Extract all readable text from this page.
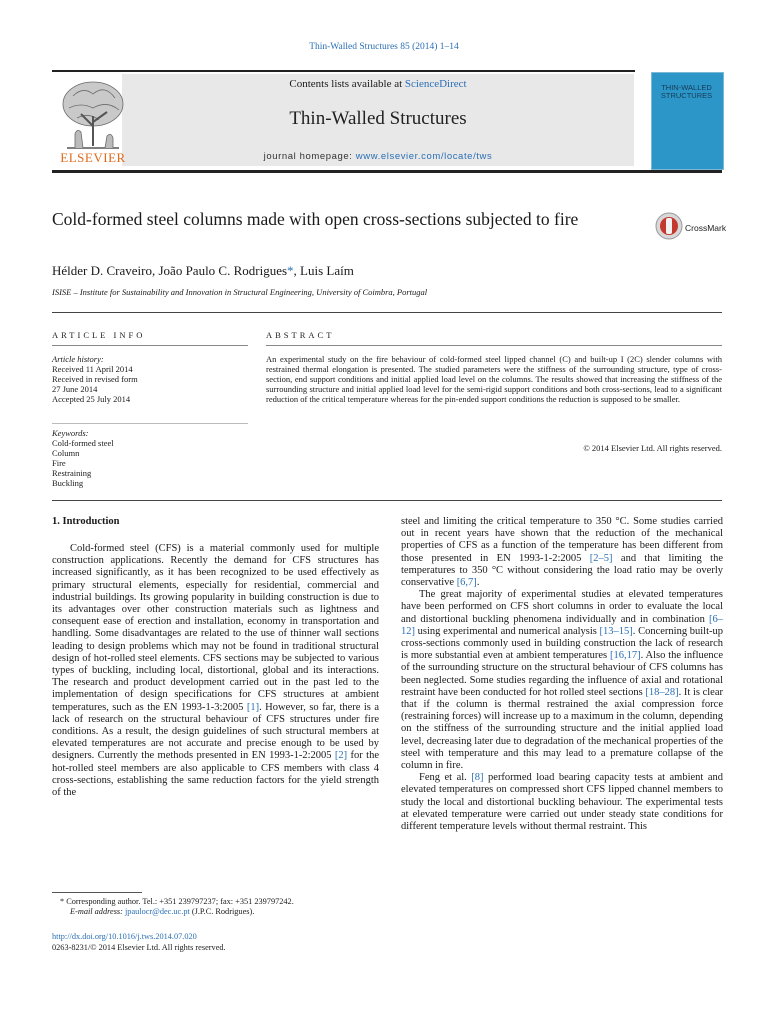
Thin-Walled Structures 85 (2014) 1–14
Contents lists available at ScienceDirect
Thin-Walled Structures
journal homepage: www.elsevier.com/locate/tws
ELSEVIER
THIN-WALLED STRUCTURES
Cold-formed steel columns made with open cross-sections subjected to fire	CrossMark
Hélder D. Craveiro, João Paulo C. Rodrigues*, Luis Laím
ISISE – Institute for Sustainability and Innovation in Structural Engineering, University of Coimbra, Portugal
ARTICLE INFO	ABSTRACT
Article history:
Received 11 April 2014
Received in revised form
27 June 2014
Accepted 25 July 2014
Keywords:
Cold-formed steel
Column
Fire
Restraining
Buckling
An experimental study on the fire behaviour of cold-formed steel lipped channel (C) and built-up I (2C) slender columns with restrained thermal elongation is presented. The studied parameters were the stiffness of the surrounding structure, type of cross-section, end support conditions and initial applied load level on the columns. The results showed that increasing the stiffness of the surrounding structure and initial applied load level for the semi-rigid support conditions and both cross-sections, lead to a significant reduction of the critical temperature whereas for the pin-ended support conditions the reduction is supposed to be smaller.
© 2014 Elsevier Ltd. All rights reserved.
1. Introduction

Cold-formed steel (CFS) is a material commonly used for multiple construction applications. Recently the demand for CFS structures has increased significantly, as it has been recognized to be used effectively as primary structural elements, especially for residential, commercial and industrial buildings. Its growing popularity in building construction is due to its advantages over other construction materials such as lightness and consequent ease of erection and installation, economy in transportation and handling. Some disadvantages are related to the use of thinner wall sections leading to design problems which may not be found in traditional structural design of hot-rolled steel elements. CFS sections may be subjected to various types of buckling, including local, distortional, global and its interactions. The research and product development carried out in the past led to the implementation of design specifications for CFS structures at ambient temperatures, such as the EN 1993-1-3:2005 [1]. However, so far, there is a lack of research on the structural behaviour of CFS structures under fire conditions. As a result, the design guidelines of such structural members at elevated temperatures are not accurate and precise enough to be used by designers. Currently the methods presented in EN 1993-1-2:2005 [2] for the hot-rolled steel members are also applicable to CFS members with class 4 cross-sections, establishing the same reduction factors for the yield strength of the

steel and limiting the critical temperature to 350 °C. Some studies carried out in recent years have shown that the reduction of the mechanical properties of CFS as a function of the temperature has been different from those presented in EN 1993-1-2:2005 [2–5] and that limiting the temperatures to 350 °C without considering the load ratio may be overly conservative [6,7].

The great majority of experimental studies at elevated temperatures have been performed on CFS short columns in order to evaluate the local and distortional buckling phenomena individually and in combination [6–12] using experimental and numerical analysis [13–15]. Concerning built-up cross-sections commonly used in building construction the lack of research is more substantial even at ambient temperatures [16,17]. Also the influence of the surrounding structure on the structural behaviour of CFS columns has been neglected. Some studies regarding the influence of axial and rotational restraint have been conducted for hot rolled steel sections [18–28]. It is clear that if the column is thermal restrained the axial compression force (restraining forces) will increase up to a maximum in the column, depending on the stiffness of the surrounding structure and the initial applied load level, decreasing later due to degradation of the mechanical properties of the steel with temperature and this may lead to a premature collapse of the column in fire.

Feng et al. [8] performed load bearing capacity tests at ambient and elevated temperatures on compressed short CFS lipped channel members to study the local and distortional buckling behaviour. The experimental tests at elevated temperature were carried out under steady state conditions for different temperature levels without thermal restraint. This

* Corresponding author. Tel.: +351 239797237; fax: +351 239797242.
E-mail address: jpaulocr@dec.uc.pt (J.P.C. Rodrigues).
http://dx.doi.org/10.1016/j.tws.2014.07.020
0263-8231/© 2014 Elsevier Ltd. All rights reserved.
